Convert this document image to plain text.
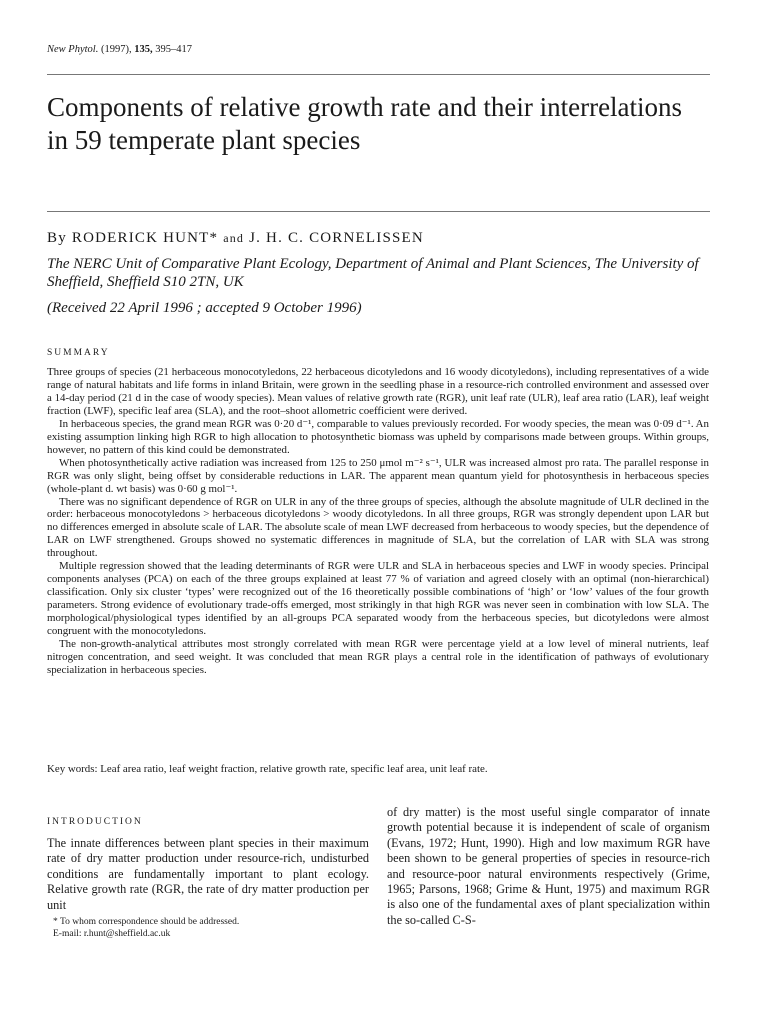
New Phytol. (1997), 135, 395–417
Components of relative growth rate and their interrelations in 59 temperate plant species
By RODERICK HUNT* and J. H. C. CORNELISSEN

The NERC Unit of Comparative Plant Ecology, Department of Animal and Plant Sciences, The University of Sheffield, Sheffield S10 2TN, UK

(Received 22 April 1996 ; accepted 9 October 1996)
SUMMARY

Three groups of species (21 herbaceous monocotyledons, 22 herbaceous dicotyledons and 16 woody dicotyledons), including representatives of a wide range of natural habitats and life forms in inland Britain, were grown in the seedling phase in a resource-rich controlled environment and assessed over a 14-day period (21 d in the case of woody species). Mean values of relative growth rate (RGR), unit leaf rate (ULR), leaf area ratio (LAR), leaf weight fraction (LWF), specific leaf area (SLA), and the root–shoot allometric coefficient were derived.

In herbaceous species, the grand mean RGR was 0·20 d⁻¹, comparable to values previously recorded. For woody species, the mean was 0·09 d⁻¹. An existing assumption linking high RGR to high allocation to photosynthetic biomass was upheld by comparisons made between groups. Within groups, however, no pattern of this kind could be demonstrated.

When photosynthetically active radiation was increased from 125 to 250 μmol m⁻² s⁻¹, ULR was increased almost pro rata. The parallel response in RGR was only slight, being offset by considerable reductions in LAR. The apparent mean quantum yield for photosynthesis in herbaceous species (whole-plant d. wt basis) was 0·60 g mol⁻¹.

There was no significant dependence of RGR on ULR in any of the three groups of species, although the absolute magnitude of ULR declined in the order: herbaceous monocotyledons > herbaceous dicotyledons > woody dicotyledons. In all three groups, RGR was strongly dependent upon LAR but no differences emerged in absolute scale of LAR. The absolute scale of mean LWF decreased from herbaceous to woody species, but the dependence of LAR on LWF strengthened. Groups showed no systematic differences in magnitude of SLA, but the correlation of LAR with SLA was strong throughout.

Multiple regression showed that the leading determinants of RGR were ULR and SLA in herbaceous species and LWF in woody species. Principal components analyses (PCA) on each of the three groups explained at least 77 % of variation and agreed closely with an optimal (non-hierarchical) classification. Only six cluster ‘types’ were recognized out of the 16 theoretically possible combinations of ‘high’ or ‘low’ values of the four growth parameters. Strong evidence of evolutionary trade-offs emerged, most strikingly in that high RGR was never seen in combination with low SLA. The morphological/physiological types identified by an all-groups PCA separated woody from the herbaceous species, but dicotyledons were almost congruent with the monocotyledons.

The non-growth-analytical attributes most strongly correlated with mean RGR were percentage yield at a low level of mineral nutrients, leaf nitrogen concentration, and seed weight. It was concluded that mean RGR plays a central role in the identification of pathways of evolutionary specialization in herbaceous species.

Key words: Leaf area ratio, leaf weight fraction, relative growth rate, specific leaf area, unit leaf rate.
INTRODUCTION

The innate differences between plant species in their maximum rate of dry matter production under resource-rich, undisturbed conditions are fundamentally important to plant ecology. Relative growth rate (RGR, the rate of dry matter production per unit

of dry matter) is the most useful single comparator of innate growth potential because it is independent of scale of organism (Evans, 1972; Hunt, 1990). High and low maximum RGR have been shown to be general properties of species in resource-rich and resource-poor natural environments respectively (Grime, 1965; Parsons, 1968; Grime & Hunt, 1975) and maximum RGR is also one of the fundamental axes of plant specialization within the so-called C-S-

* To whom correspondence should be addressed.
E-mail: r.hunt@sheffield.ac.uk
